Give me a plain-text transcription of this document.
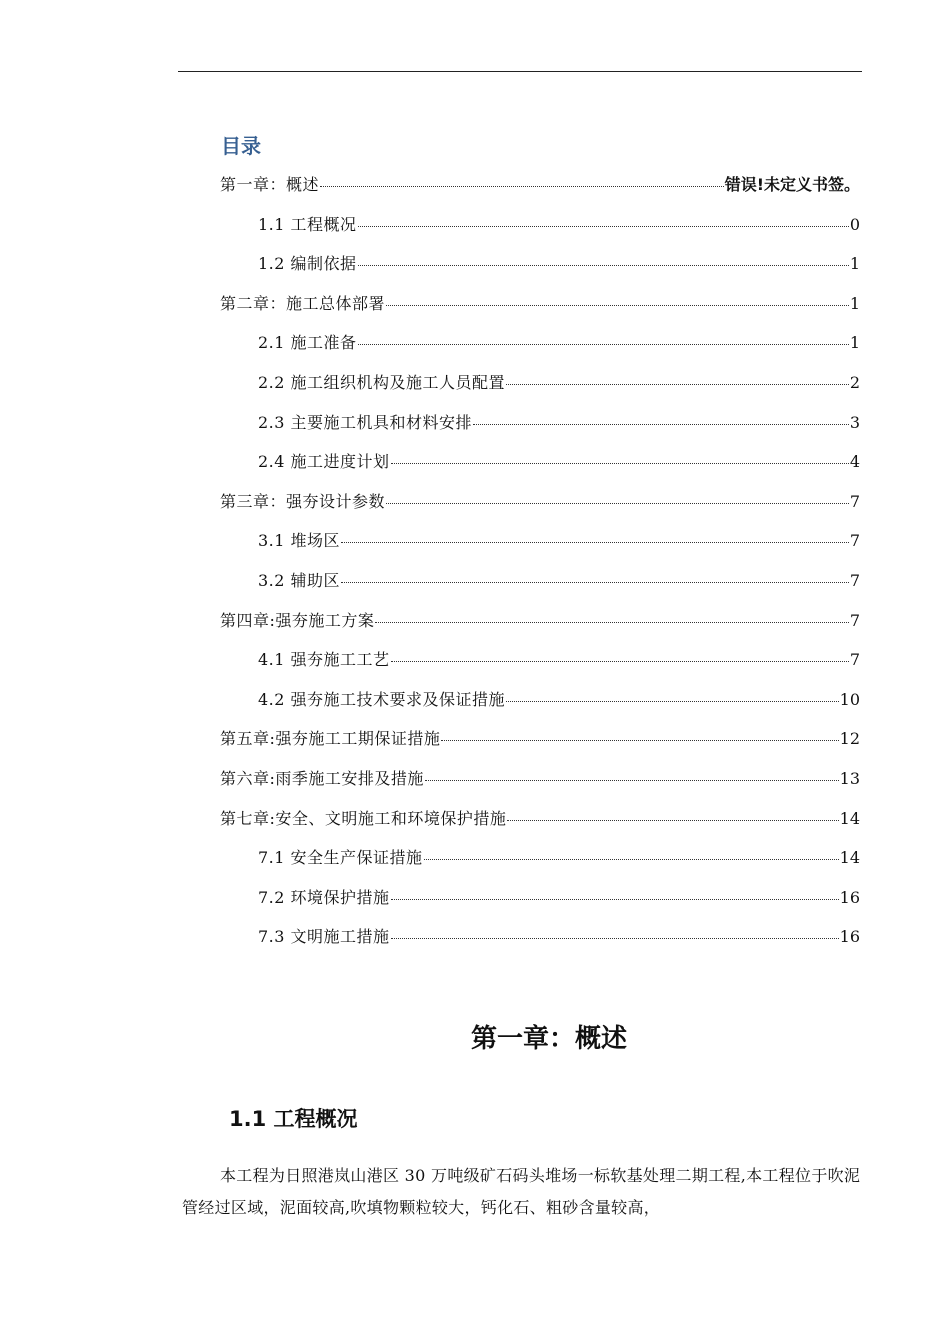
目录
第一章：概述	错误!未定义书签。
1.1 工程概况	0
1.2 编制依据	1
第二章：施工总体部署	1
2.1 施工准备	1
2.2 施工组织机构及施工人员配置	2
2.3 主要施工机具和材料安排	3
2.4 施工进度计划	4
第三章：强夯设计参数	7
3.1 堆场区	7
3.2 辅助区	7
第四章:强夯施工方案	7
4.1 强夯施工工艺	7
4.2 强夯施工技术要求及保证措施	10
第五章:强夯施工工期保证措施	12
第六章:雨季施工安排及措施	13
第七章:安全、文明施工和环境保护措施	14
7.1 安全生产保证措施	14
7.2 环境保护措施	16
7.3 文明施工措施	16
第一章：概述
1.1 工程概况
本工程为日照港岚山港区 30 万吨级矿石码头堆场一标软基处理二期工程,本工程位于吹泥管经过区域，泥面较高,吹填物颗粒较大，钙化石、粗砂含量较高，
